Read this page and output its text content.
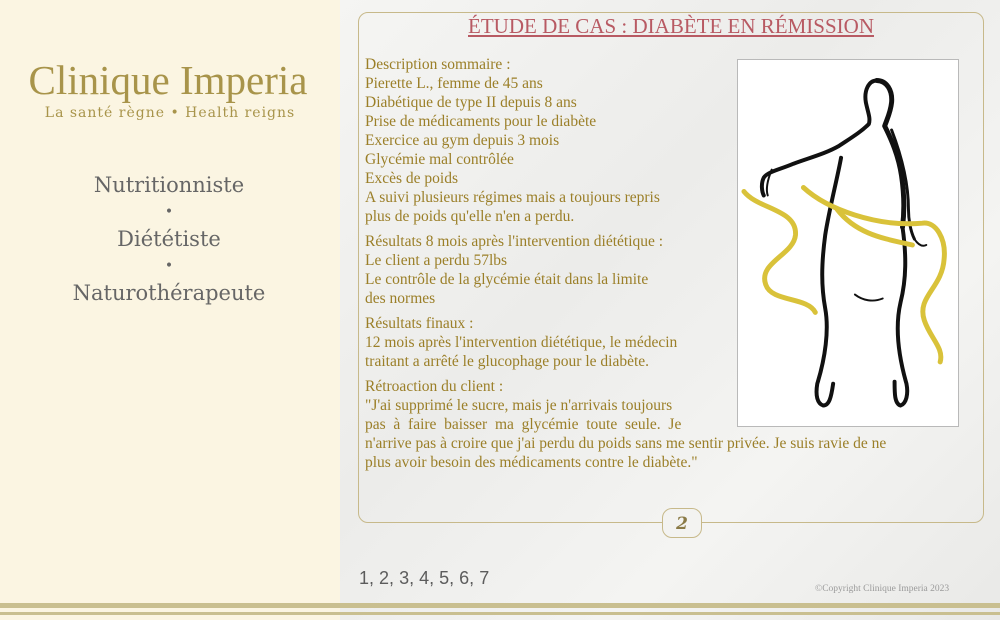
Clinique Imperia
La santé règne • Health reigns
Nutritionniste
•
Diététiste
•
Naturothérapeute
ÉTUDE DE CAS : DIABÈTE EN RÉMISSION
Description sommaire :
Pierette L., femme de 45 ans
Diabétique de type II depuis 8 ans
Prise de médicaments pour le diabète
Exercice au gym depuis 3 mois
Glycémie mal contrôlée
Excès de poids
A suivi plusieurs régimes mais a toujours repris
plus de poids qu'elle n'en a perdu.
Résultats 8 mois après l'intervention diététique :
Le client a perdu 57lbs
Le contrôle de la glycémie était dans la limite
des normes
Résultats finaux :
12 mois après l'intervention diététique, le médecin
traitant a arrêté le glucophage pour le diabète.
Rétroaction du client :
"J'ai supprimé le sucre, mais je n'arrivais toujours
pas  à  faire  baisser  ma  glycémie  toute  seule.  Je
n'arrive pas à croire que j'ai perdu du poids sans me sentir privée. Je suis ravie de ne
plus avoir besoin des médicaments contre le diabète."
2
1, 2, 3, 4, 5, 6, 7
©Copyright Clinique Imperia 2023
